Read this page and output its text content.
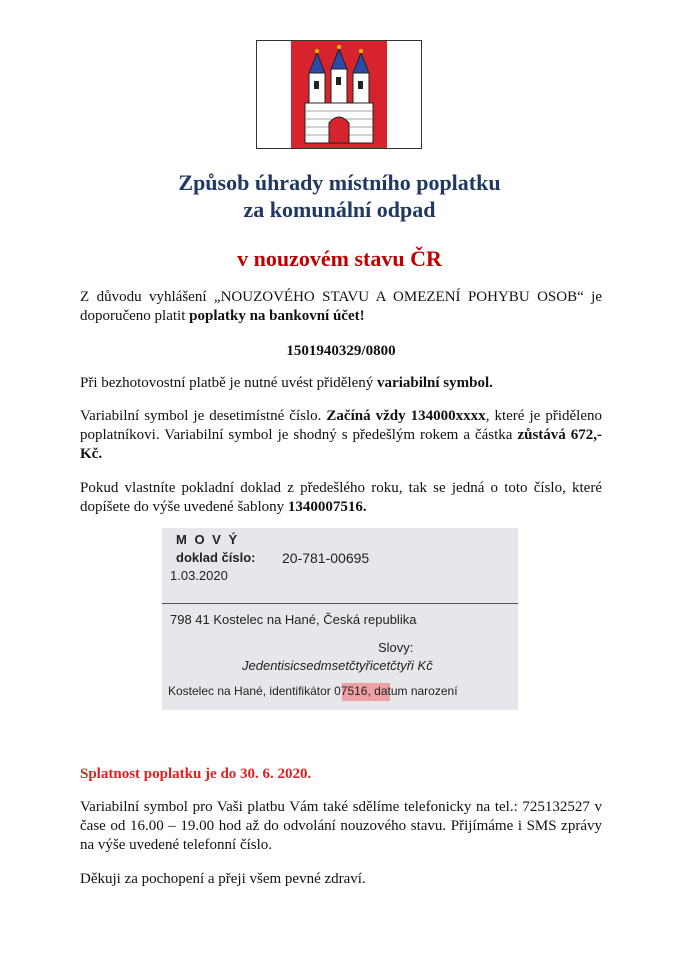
Způsob úhrady místního poplatku
za komunální odpad
v nouzovém stavu ČR
Z důvodu vyhlášení „NOUZOVÉHO STAVU A OMEZENÍ POHYBU OSOB“ je doporučeno platit poplatky na bankovní účet!
1501940329/0800
Při bezhotovostní platbě je nutné uvést přidělený variabilní symbol.
Variabilní symbol je desetimístné číslo. Začíná vždy 134000xxxx, které je přiděleno poplatníkovi. Variabilní symbol je shodný s předešlým rokem a částka zůstává 672,-Kč.
Pokud vlastníte pokladní doklad z předešlého roku, tak se jedná o toto číslo, které dopíšete do výše uvedené šablony 1340007516.
M O V Ý
doklad číslo: 20-781-00695
1.03.2020
798 41 Kostelec na Hané, Česká republika
Slovy:
Jedentisicsedmsetčtyřicetčtyři Kč
Kostelec na Hané, identifikátor 07516, datum narození
Splatnost poplatku je do 30. 6. 2020.
Variabilní symbol pro Vaši platbu Vám také sdělíme telefonicky na tel.: 725132527 v čase od 16.00 – 19.00 hod až do odvolání nouzového stavu. Přijímáme i SMS zprávy na výše uvedené telefonní číslo.
Děkuji za pochopení a přeji všem pevné zdraví.
